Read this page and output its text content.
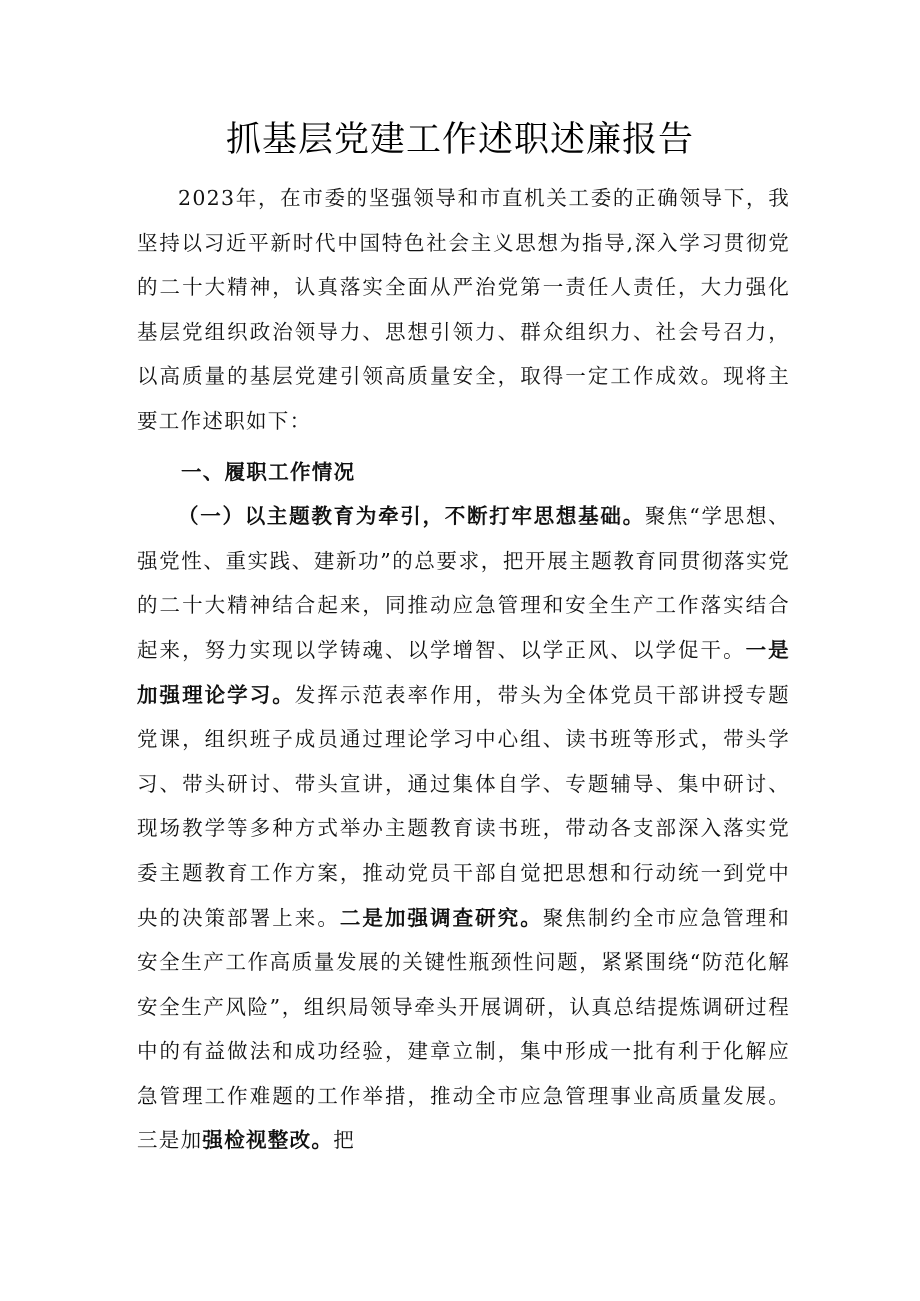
抓基层党建工作述职述廉报告

2023年，在市委的坚强领导和市直机关工委的正确领导下，我坚持以习近平新时代中国特色社会主义思想为指导,深入学习贯彻党的二十大精神，认真落实全面从严治党第一责任人责任，大力强化基层党组织政治领导力、思想引领力、群众组织力、社会号召力，以高质量的基层党建引领高质量安全，取得一定工作成效。现将主要工作述职如下：

一、履职工作情况

（一）以主题教育为牵引，不断打牢思想基础。聚焦“学思想、强党性、重实践、建新功”的总要求，把开展主题教育同贯彻落实党的二十大精神结合起来，同推动应急管理和安全生产工作落实结合起来，努力实现以学铸魂、以学增智、以学正风、以学促干。一是加强理论学习。发挥示范表率作用，带头为全体党员干部讲授专题党课，组织班子成员通过理论学习中心组、读书班等形式，带头学习、带头研讨、带头宣讲，通过集体自学、专题辅导、集中研讨、现场教学等多种方式举办主题教育读书班，带动各支部深入落实党委主题教育工作方案，推动党员干部自觉把思想和行动统一到党中央的决策部署上来。二是加强调查研究。聚焦制约全市应急管理和安全生产工作高质量发展的关键性瓶颈性问题，紧紧围绕“防范化解安全生产风险”，组织局领导牵头开展调研，认真总结提炼调研过程中的有益做法和成功经验，建章立制，集中形成一批有利于化解应急管理工作难题的工作举措，推动全市应急管理事业高质量发展。三是加强检视整改。把
